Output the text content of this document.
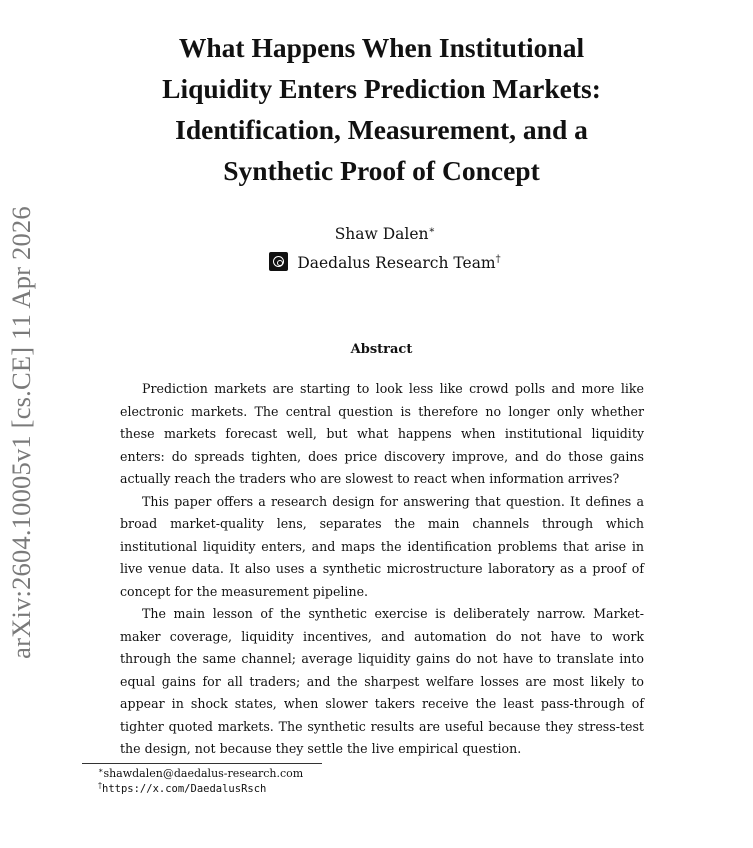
arXiv:2604.10005v1 [cs.CE] 11 Apr 2026
What Happens When Institutional
Liquidity Enters Prediction Markets:
Identification, Measurement, and a
Synthetic Proof of Concept
Shaw Dalen∗
Daedalus Research Team†
Abstract

Prediction markets are starting to look less like crowd polls and more like electronic markets. The central question is therefore no longer only whether these markets forecast well, but what happens when institutional liquidity enters: do spreads tighten, does price discovery improve, and do those gains actually reach the traders who are slowest to react when information arrives?

This paper offers a research design for answering that question. It defines a broad market-quality lens, separates the main channels through which institutional liquidity enters, and maps the identification problems that arise in live venue data. It also uses a synthetic microstructure laboratory as a proof of concept for the measurement pipeline.

The main lesson of the synthetic exercise is deliberately narrow. Market-maker coverage, liquidity incentives, and automation do not have to work through the same channel; average liquidity gains do not have to translate into equal gains for all traders; and the sharpest welfare losses are most likely to appear in shock states, when slower takers receive the least pass-through of tighter quoted markets. The synthetic results are useful because they stress-test the design, not because they settle the live empirical question.

∗shawdalen@daedalus-research.com
†https://x.com/DaedalusRsch
